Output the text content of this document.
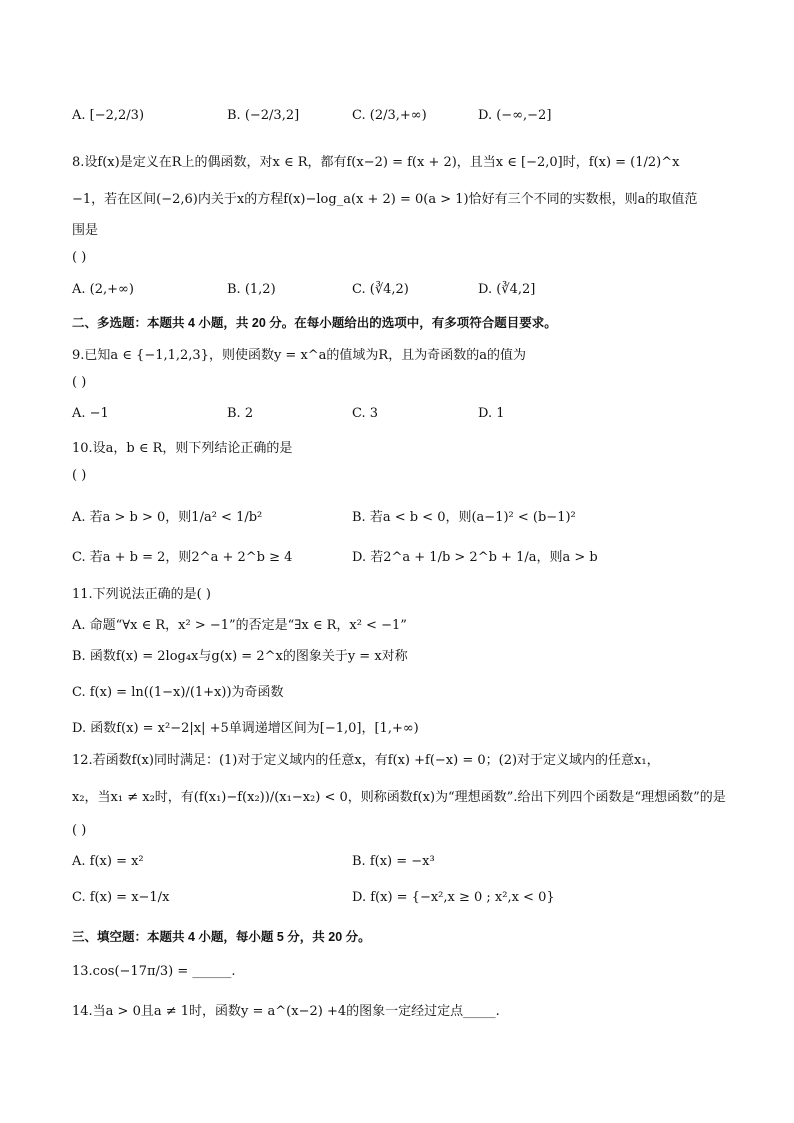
A. [−2,2/3)	B. (−2/3,2]	C. (2/3,+∞)	D. (−∞,−2]
8.设f(x)是定义在R上的偶函数，对x ∈ R，都有f(x−2) = f(x + 2)，且当x ∈ [−2,0]时，f(x) = (1/2)^x
−1，若在区间(−2,6)内关于x的方程f(x)−log_a(x + 2) = 0(a > 1)恰好有三个不同的实数根，则a的取值范
围是
( )
A. (2,+∞)	B. (1,2)	C. (∛4,2)	D. (∛4,2]
二、多选题：本题共 4 小题，共 20 分。在每小题给出的选项中，有多项符合题目要求。
9.已知a ∈ {−1,1,2,3}，则使函数y = x^a的值域为R，且为奇函数的a的值为
( )
A. −1	B. 2	C. 3	D. 1
10.设a，b ∈ R，则下列结论正确的是
( )
A. 若a > b > 0，则1/a² < 1/b²	B. 若a < b < 0，则(a−1)² < (b−1)²
C. 若a + b = 2，则2^a + 2^b ≥ 4	D. 若2^a + 1/b > 2^b + 1/a，则a > b
11.下列说法正确的是( )
A. 命题“∀x ∈ R，x² > −1”的否定是“∃x ∈ R，x² < −1”
B. 函数f(x) = 2log₄x与g(x) = 2^x的图象关于y = x对称
C. f(x) = ln((1−x)/(1+x))为奇函数
D. 函数f(x) = x²−2|x| +5单调递增区间为[−1,0]，[1,+∞)
12.若函数f(x)同时满足：(1)对于定义域内的任意x，有f(x) +f(−x) = 0；(2)对于定义域内的任意x₁，
x₂，当x₁ ≠ x₂时，有(f(x₁)−f(x₂))/(x₁−x₂) < 0，则称函数f(x)为“理想函数”.给出下列四个函数是“理想函数”的是
( )
A. f(x) = x²	B. f(x) = −x³
C. f(x) = x−1/x	D. f(x) = {−x²,x ≥ 0 ; x²,x < 0}
三、填空题：本题共 4 小题，每小题 5 分，共 20 分。
13.cos(−17π/3) = ______.
14.当a > 0且a ≠ 1时，函数y = a^(x−2) +4的图象一定经过定点_____.
